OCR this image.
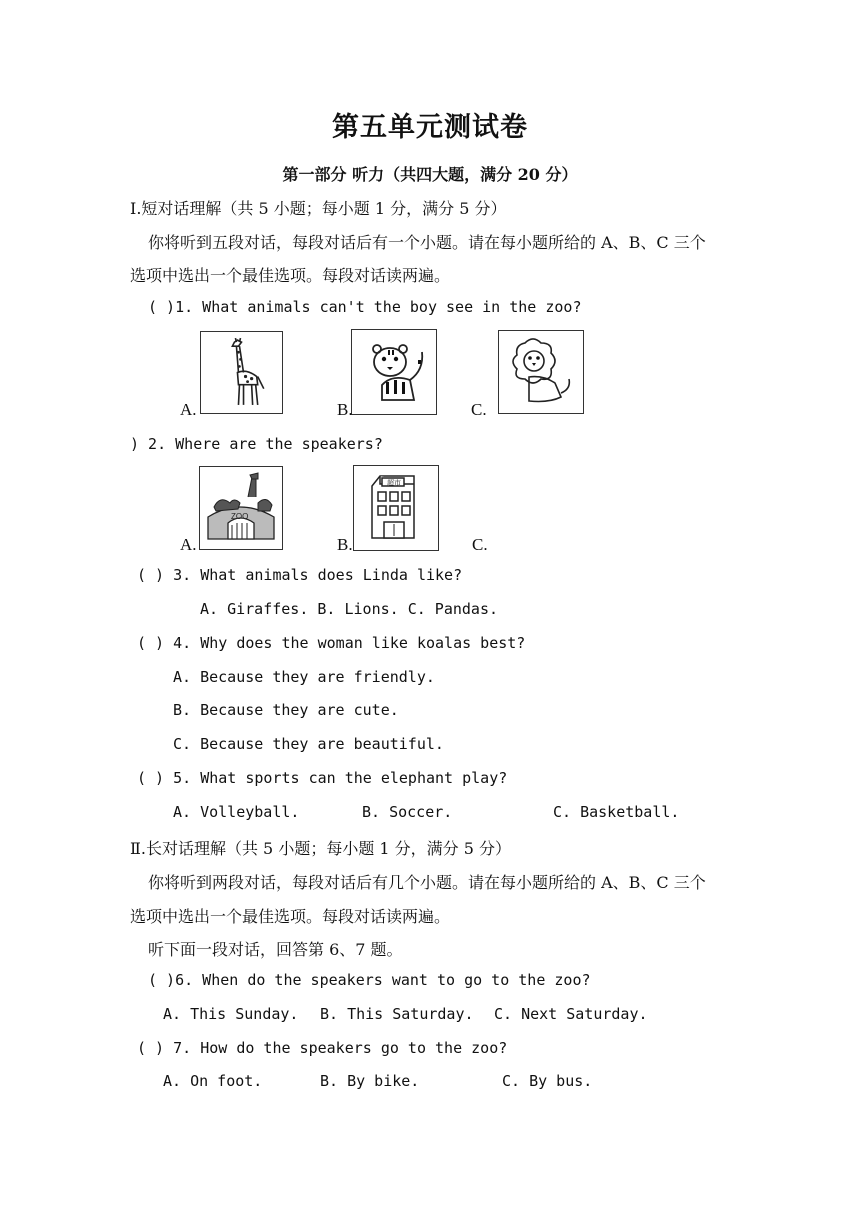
第五单元测试卷
第一部分 听力（共四大题，满分 20 分）
I.短对话理解（共 5 小题；每小题 1 分，满分 5 分）
你将听到五段对话，每段对话后有一个小题。请在每小题所给的 A、B、C 三个
选项中选出一个最佳选项。每段对话读两遍。
( )1. What animals can't the boy see in the zoo?
A.	B.	C.
) 2. Where are the speakers?
ZOO
A.
超市
B.	C.
( ) 3. What animals does Linda like?
A. Giraffes. B. Lions. C. Pandas.
( ) 4. Why does the woman like koalas best?
A. Because they are friendly.
B. Because they are cute.
C. Because they are beautiful.
( ) 5. What sports can the elephant play?
A. Volleyball.	B. Soccer.	C. Basketball.
Ⅱ.长对话理解（共 5 小题；每小题 1 分，满分 5 分）
你将听到两段对话，每段对话后有几个小题。请在每小题所给的 A、B、C 三个
选项中选出一个最佳选项。每段对话读两遍。
听下面一段对话，回答第 6、7 题。
( )6. When do the speakers want to go to the zoo?
A. This Sunday. B. This Saturday. C. Next Saturday.
( ) 7. How do the speakers go to the zoo?
A. On foot.	B. By bike.	C. By bus.
